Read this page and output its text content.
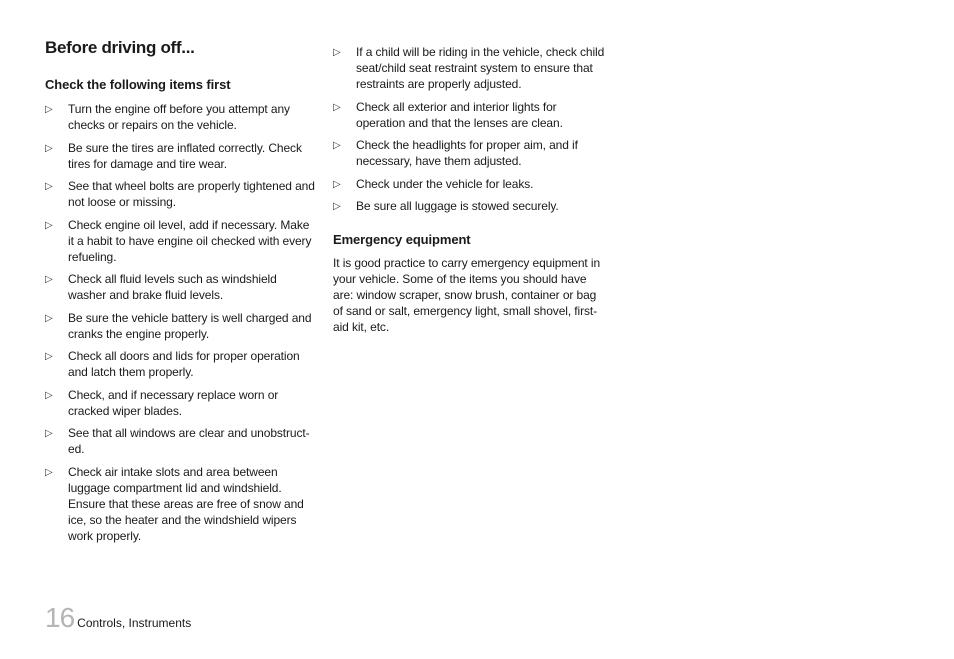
Before driving off...
Check the following items first
▷ Turn the engine off before you attempt any checks or repairs on the vehicle.
▷ Be sure the tires are inflated correctly. Check tires for damage and tire wear.
▷ See that wheel bolts are properly tightened and not loose or missing.
▷ Check engine oil level, add if necessary. Make it a habit to have engine oil checked with every refueling.
▷ Check all fluid levels such as windshield washer and brake fluid levels.
▷ Be sure the vehicle battery is well charged and cranks the engine properly.
▷ Check all doors and lids for proper operation and latch them properly.
▷ Check, and if necessary replace worn or cracked wiper blades.
▷ See that all windows are clear and unobstruct-ed.
▷ Check air intake slots and area between luggage compartment lid and windshield. Ensure that these areas are free of snow and ice, so the heater and the windshield wipers work properly.
▷ If a child will be riding in the vehicle, check child seat/child seat restraint system to ensure that restraints are properly adjusted.
▷ Check all exterior and interior lights for operation and that the lenses are clean.
▷ Check the headlights for proper aim, and if necessary, have them adjusted.
▷ Check under the vehicle for leaks.
▷ Be sure all luggage is stowed securely.
Emergency equipment

It is good practice to carry emergency equipment in your vehicle. Some of the items you should have are: window scraper, snow brush, container or bag of sand or salt, emergency light, small shovel, first-aid kit, etc.

16 Controls, Instruments
